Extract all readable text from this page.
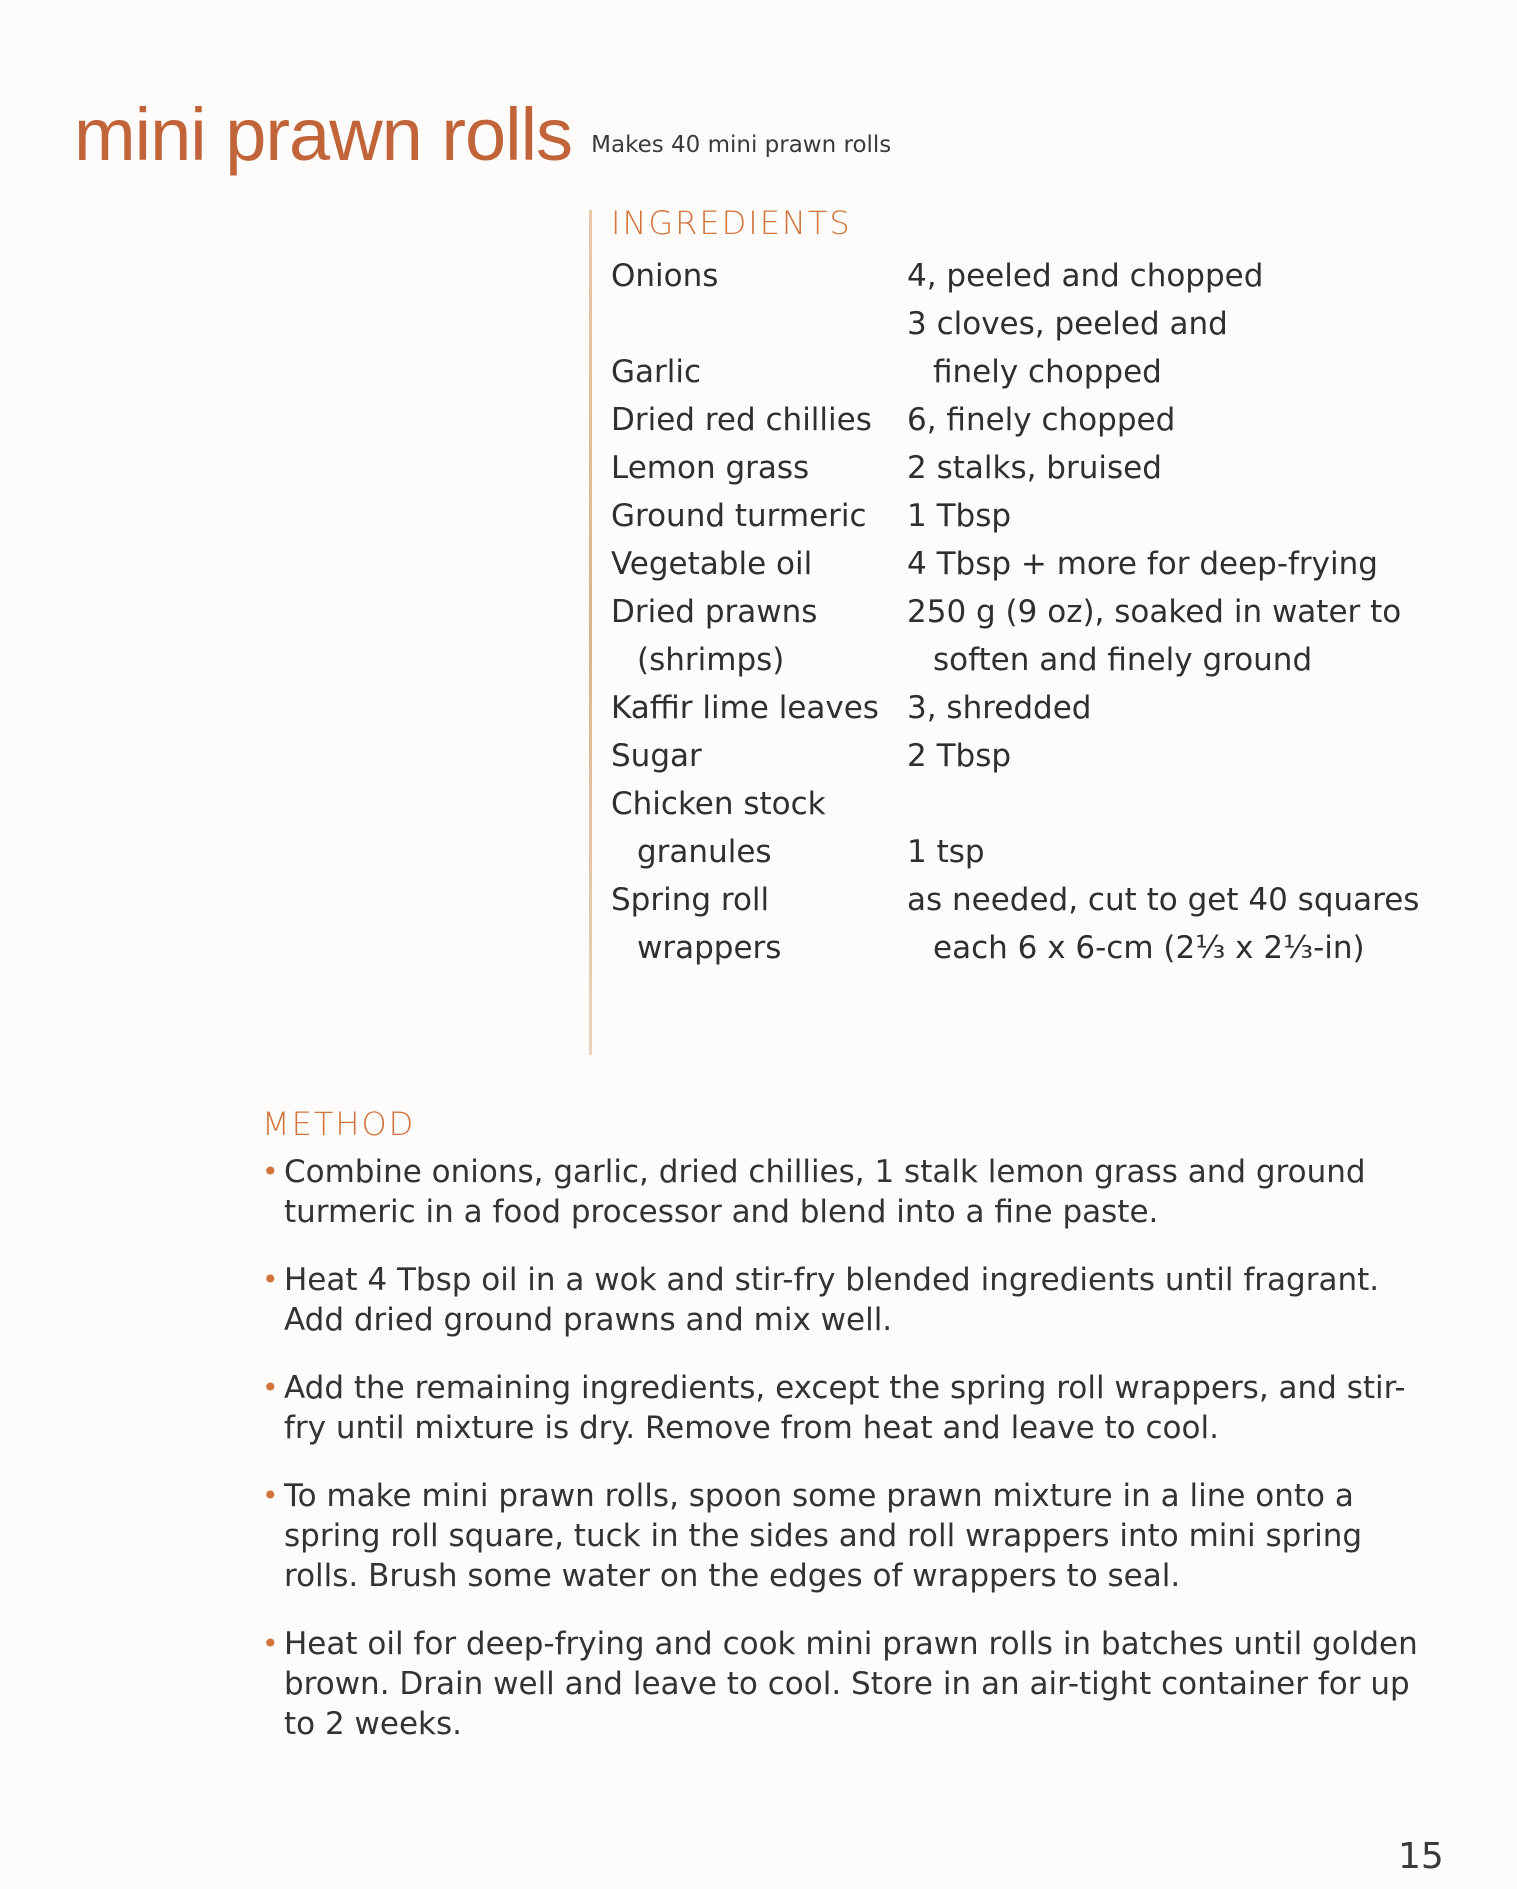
mini prawn rolls Makes 40 mini prawn rolls
INGREDIENTS
Onions	4, peeled and chopped

Garlic	3 cloves, peeled and
finely chopped

Dried red chillies	6, finely chopped

Lemon grass	2 stalks, bruised

Ground turmeric	1 Tbsp

Vegetable oil	4 Tbsp + more for deep-frying

Dried prawns
(shrimps)	250 g (9 oz), soaked in water to
soften and finely ground

Kaffir lime leaves	3, shredded

Sugar	2 Tbsp

Chicken stock
granules	1 tsp

Spring roll
wrappers	as needed, cut to get 40 squares
each 6 x 6-cm (2⅓ x 2⅓-in)
METHOD
• Combine onions, garlic, dried chillies, 1 stalk lemon grass and ground turmeric in a food processor and blend into a fine paste.
• Heat 4 Tbsp oil in a wok and stir-fry blended ingredients until fragrant. Add dried ground prawns and mix well.
• Add the remaining ingredients, except the spring roll wrappers, and stir-fry until mixture is dry. Remove from heat and leave to cool.
• To make mini prawn rolls, spoon some prawn mixture in a line onto a spring roll square, tuck in the sides and roll wrappers into mini spring rolls. Brush some water on the edges of wrappers to seal.
• Heat oil for deep-frying and cook mini prawn rolls in batches until golden brown. Drain well and leave to cool. Store in an air-tight container for up to 2 weeks.
15
